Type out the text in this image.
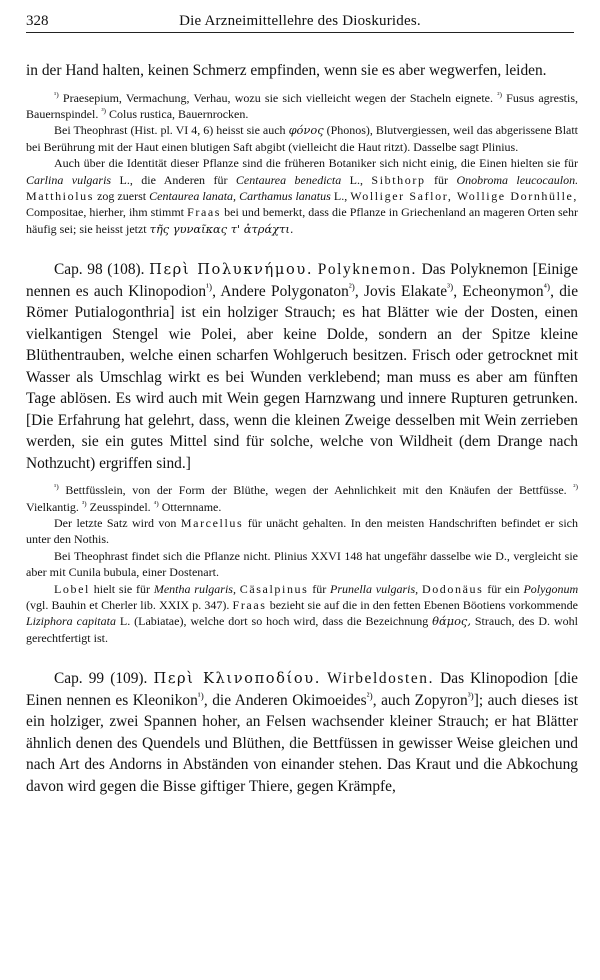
328	Die Arzneimittellehre des Dioskurides.

in der Hand halten, keinen Schmerz empfinden, wenn sie es aber wegwerfen, leiden.

$^{^1)}$ Praesepium, Vermachung, Verhau, wozu sie sich vielleicht wegen der Stacheln eignete. $^{^2)}$ Fusus agrestis, Bauernspindel. $^{^3)}$ Colus rustica, Bauernrocken.

Bei Theophrast (Hist. pl. VI 4, 6) heisst sie auch φόνος (Phonos), Blutvergiessen, weil das abgerissene Blatt bei Berührung mit der Haut einen blutigen Saft abgibt (vielleicht die Haut ritzt). Dasselbe sagt Plinius.

Auch über die Identität dieser Pflanze sind die früheren Botaniker sich nicht einig, die Einen hielten sie für Carlina vulgaris L., die Anderen für Centaurea benedicta L., Sibthorp für Onobroma leucocaulon. Matthiolus zog zuerst Centaurea lanata, Carthamus lanatus L., Wolliger Saflor, Wollige Dornhülle, Compositae, hierher, ihm stimmt Fraas bei und bemerkt, dass die Pflanze in Griechenland an mageren Orten sehr häufig sei; sie heisst jetzt τῆς γυναῖκας τ' ἀτράχτι.

Cap. 98 (108). Περὶ Πολυκνήμου. Polyknemon. Das Polyknemon [Einige nennen es auch Klinopodion$^{^1)}$, Andere Polygonaton$^{^2)}$, Jovis Elakate$^{^3)}$, Echeonymon$^{^4)}$, die Römer Putialogonthria] ist ein holziger Strauch; es hat Blätter wie der Dosten, einen vielkantigen Stengel wie Polei, aber keine Dolde, sondern an der Spitze kleine Blüthentrauben, welche einen scharfen Wohlgeruch besitzen. Frisch oder getrocknet mit Wasser als Umschlag wirkt es bei Wunden verklebend; man muss es aber am fünften Tage ablösen. Es wird auch mit Wein gegen Harnzwang und innere Rupturen getrunken. [Die Erfahrung hat gelehrt, dass, wenn die kleinen Zweige desselben mit Wein zerrieben werden, sie ein gutes Mittel sind für solche, welche von Wildheit (dem Drange nach Nothzucht) ergriffen sind.]

$^{^1)}$ Bettfüsslein, von der Form der Blüthe, wegen der Aehnlichkeit mit den Knäufen der Bettfüsse. $^{^2)}$ Vielkantig. $^{^3)}$ Zeusspindel. $^{^4)}$ Otternname.

Der letzte Satz wird von Marcellus für unächt gehalten. In den meisten Handschriften befindet er sich unter den Nothis.

Bei Theophrast findet sich die Pflanze nicht. Plinius XXVI 148 hat ungefähr dasselbe wie D., vergleicht sie aber mit Cunila bubula, einer Dostenart.

Lobel hielt sie für Mentha rulgaris, Cäsalpinus für Prunella vulgaris, Dodonäus für ein Polygonum (vgl. Bauhin et Cherler lib. XXIX p. 347). Fraas bezieht sie auf die in den fetten Ebenen Böotiens vorkommende Liziphora capitata L. (Labiatae), welche dort so hoch wird, dass die Bezeichnung θάμος, Strauch, des D. wohl gerechtfertigt ist.

Cap. 99 (109). Περὶ Κλινοποδίου. Wirbeldosten. Das Klinopodion [die Einen nennen es Kleonikon$^{^1)}$, die Anderen Okimoeides$^{^2)}$, auch Zopyron$^{^3)}$]; auch dieses ist ein holziger, zwei Spannen hoher, an Felsen wachsender kleiner Strauch; er hat Blätter ähnlich denen des Quendels und Blüthen, die Bettfüssen in gewisser Weise gleichen und nach Art des Andorns in Abständen von einander stehen. Das Kraut und die Abkochung davon wird gegen die Bisse giftiger Thiere, gegen Krämpfe,
